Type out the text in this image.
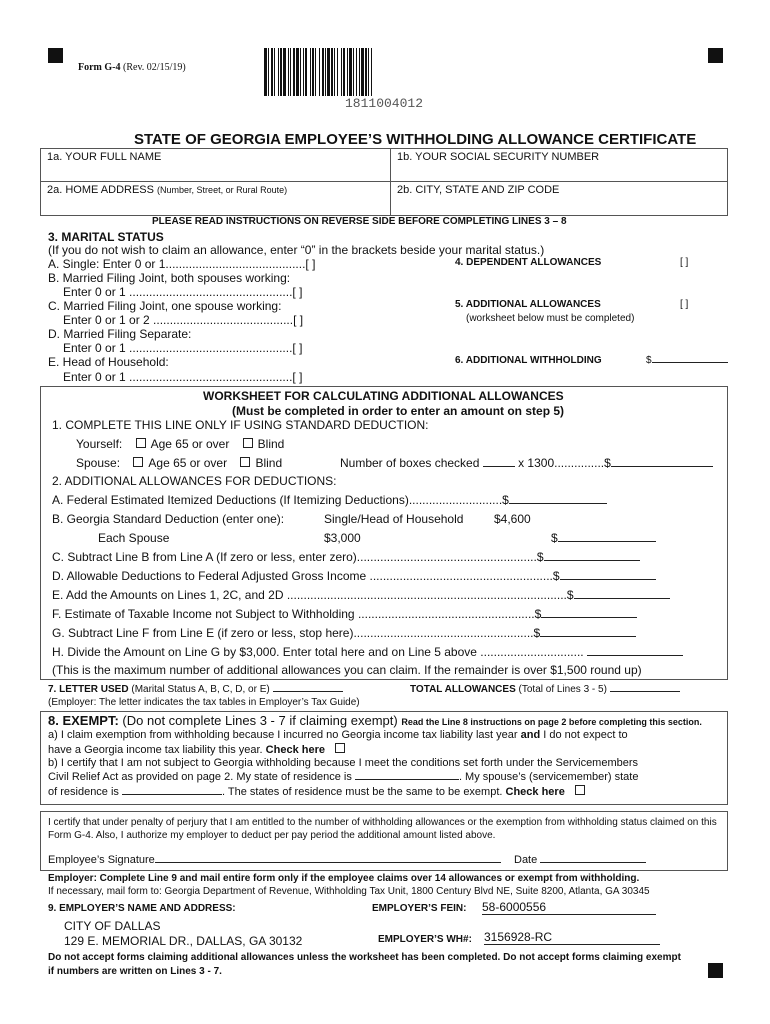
Form G-4 (Rev. 02/15/19)
1811004012
STATE OF GEORGIA EMPLOYEE’S WITHHOLDING ALLOWANCE CERTIFICATE
1a. YOUR FULL NAME	1b. YOUR SOCIAL SECURITY NUMBER
2a. HOME ADDRESS (Number, Street, or Rural Route)	2b. CITY, STATE AND ZIP CODE
PLEASE READ INSTRUCTIONS ON REVERSE SIDE BEFORE COMPLETING LINES 3 – 8
3. MARITAL STATUS
(If you do not wish to claim an allowance, enter “0” in the brackets beside your marital status.)
A. Single: Enter 0 or 1..........................................[ ]
B. Married Filing Joint, both spouses working:
Enter 0 or 1 .................................................[ ]
C. Married Filing Joint, one spouse working:
Enter 0 or 1 or 2 ..........................................[ ]
D. Married Filing Separate:
Enter 0 or 1 .................................................[ ]
E. Head of Household:
Enter 0 or 1 .................................................[ ]
4. DEPENDENT ALLOWANCES	[ ]
5. ADDITIONAL ALLOWANCES	[ ]
(worksheet below must be completed)
6. ADDITIONAL WITHHOLDING	$
WORKSHEET FOR CALCULATING ADDITIONAL ALLOWANCES
(Must be completed in order to enter an amount on step 5)
1. COMPLETE THIS LINE ONLY IF USING STANDARD DEDUCTION:
Yourself: Age 65 or over Blind
Spouse: Age 65 or over Blind	Number of boxes checked	x 1300...............$
2. ADDITIONAL ALLOWANCES FOR DEDUCTIONS:
A. Federal Estimated Itemized Deductions (If Itemizing Deductions)............................$
B. Georgia Standard Deduction (enter one):	Single/Head of Household	$4,600
Each Spouse	$3,000	$
C. Subtract Line B from Line A (If zero or less, enter zero)......................................................$
D. Allowable Deductions to Federal Adjusted Gross Income .......................................................$
E. Add the Amounts on Lines 1, 2C, and 2D ....................................................................................$
F. Estimate of Taxable Income not Subject to Withholding .....................................................$
G. Subtract Line F from Line E (if zero or less, stop here)......................................................$
H. Divide the Amount on Line G by $3,000. Enter total here and on Line 5 above ...............................
(This is the maximum number of additional allowances you can claim. If the remainder is over $1,500 round up)
7. LETTER USED (Marital Status A, B, C, D, or E)	TOTAL ALLOWANCES (Total of Lines 3 - 5)
(Employer: The letter indicates the tax tables in Employer’s Tax Guide)
8. EXEMPT: (Do not complete Lines 3 - 7 if claiming exempt) Read the Line 8 instructions on page 2 before completing this section.
a) I claim exemption from withholding because I incurred no Georgia income tax liability last year and I do not expect to
have a Georgia income tax liability this year. Check here
b) I certify that I am not subject to Georgia withholding because I meet the conditions set forth under the Servicemembers
Civil Relief Act as provided on page 2. My state of residence is	. My spouse’s (servicemember) state
of residence is	. The states of residence must be the same to be exempt. Check here
I certify that under penalty of perjury that I am entitled to the number of withholding allowances or the exemption from withholding status claimed on this Form G-4. Also, I authorize my employer to deduct per pay period the additional amount listed above.
Employee’s Signature	Date
Employer: Complete Line 9 and mail entire form only if the employee claims over 14 allowances or exempt from withholding.
If necessary, mail form to: Georgia Department of Revenue, Withholding Tax Unit, 1800 Century Blvd NE, Suite 8200, Atlanta, GA 30345
9. EMPLOYER’S NAME AND ADDRESS:	EMPLOYER’S FEIN: 58-6000556
CITY OF DALLAS
129 E. MEMORIAL DR., DALLAS, GA 30132	EMPLOYER’S WH#: 3156928-RC
Do not accept forms claiming additional allowances unless the worksheet has been completed. Do not accept forms claiming exempt if numbers are written on Lines 3 - 7.
